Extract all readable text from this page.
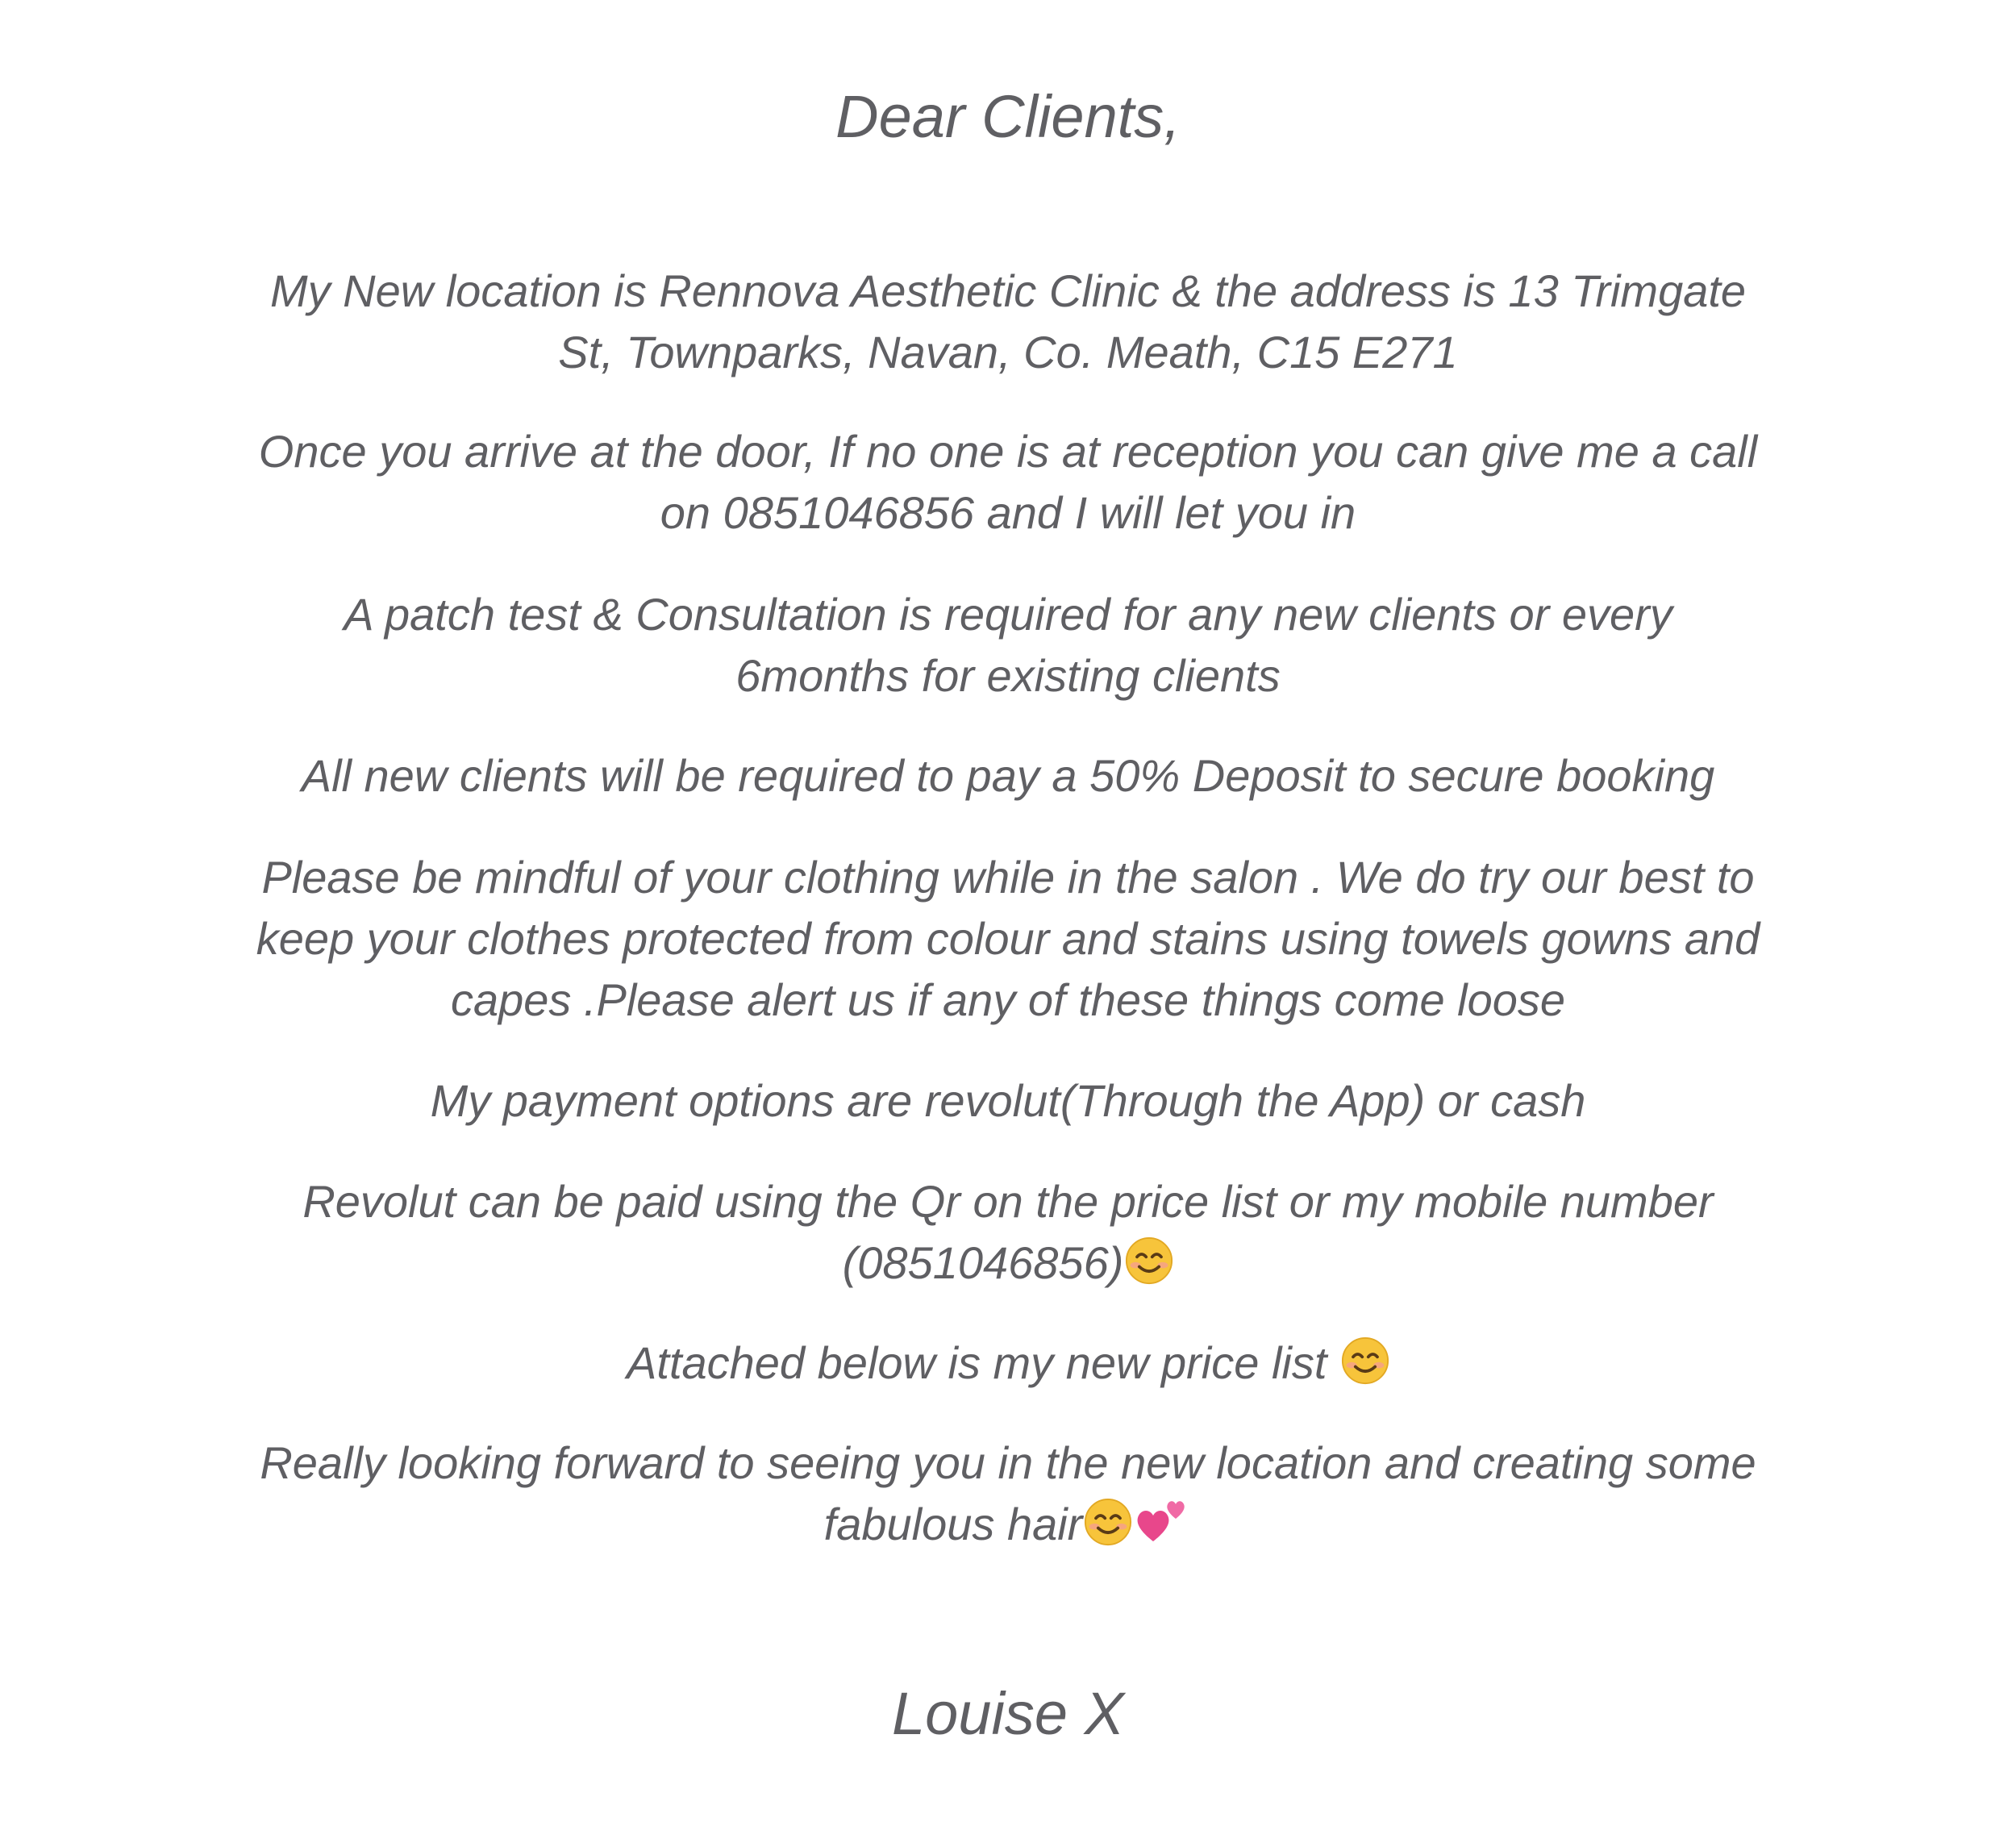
Dear Clients,

My New location is Rennova Aesthetic Clinic & the address is 13 Trimgate
St, Townparks, Navan, Co. Meath, C15 E271

Once you arrive at the door, If no one is at reception you can give me a call
on 0851046856 and I will let you in

A patch test & Consultation is required for any new clients or every
6months for existing clients

All new clients will be required to pay a 50% Deposit to secure booking

Please be mindful of your clothing while in the salon . We do try our best to
keep your clothes protected from colour and stains using towels gowns and
capes .Please alert us if any of these things come loose

My payment options are revolut(Through the App) or cash

Revolut can be paid using the Qr on the price list or my mobile number
(0851046856)

Attached below is my new price list

Really looking forward to seeing you in the new location and creating some
fabulous hair

Louise X
